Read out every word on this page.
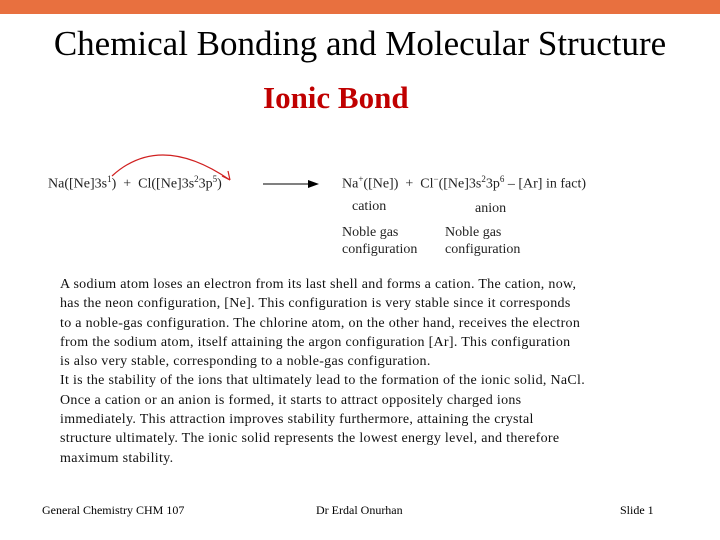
Chemical Bonding and Molecular Structure
Ionic Bond
$Na([Ne]3s^1) + Cl([Ne]3s^23p^5)$	→ $Na^+([Ne]) + Cl^-([Ne]3s^23p^6 - [Ar]$ in fact)
cation	anion
Noble gas
configuration
Noble gas
configuration
A sodium atom loses an electron from its last shell and forms a cation. The cation, now,
has the neon configuration, [Ne]. This configuration is very stable since it corresponds
to a noble-gas configuration. The chlorine atom, on the other hand, receives the electron
from the sodium atom, itself attaining the argon configuration [Ar]. This configuration
is also very stable, corresponding to a noble-gas configuration.
It is the stability of the ions that ultimately lead to the formation of the ionic solid, NaCl.
Once a cation or an anion is formed, it starts to attract oppositely charged ions
immediately. This attraction improves stability furthermore, attaining the crystal
structure ultimately. The ionic solid represents the lowest energy level, and therefore
maximum stability.
General Chemistry CHM 107	Dr Erdal Onurhan	Slide 1
